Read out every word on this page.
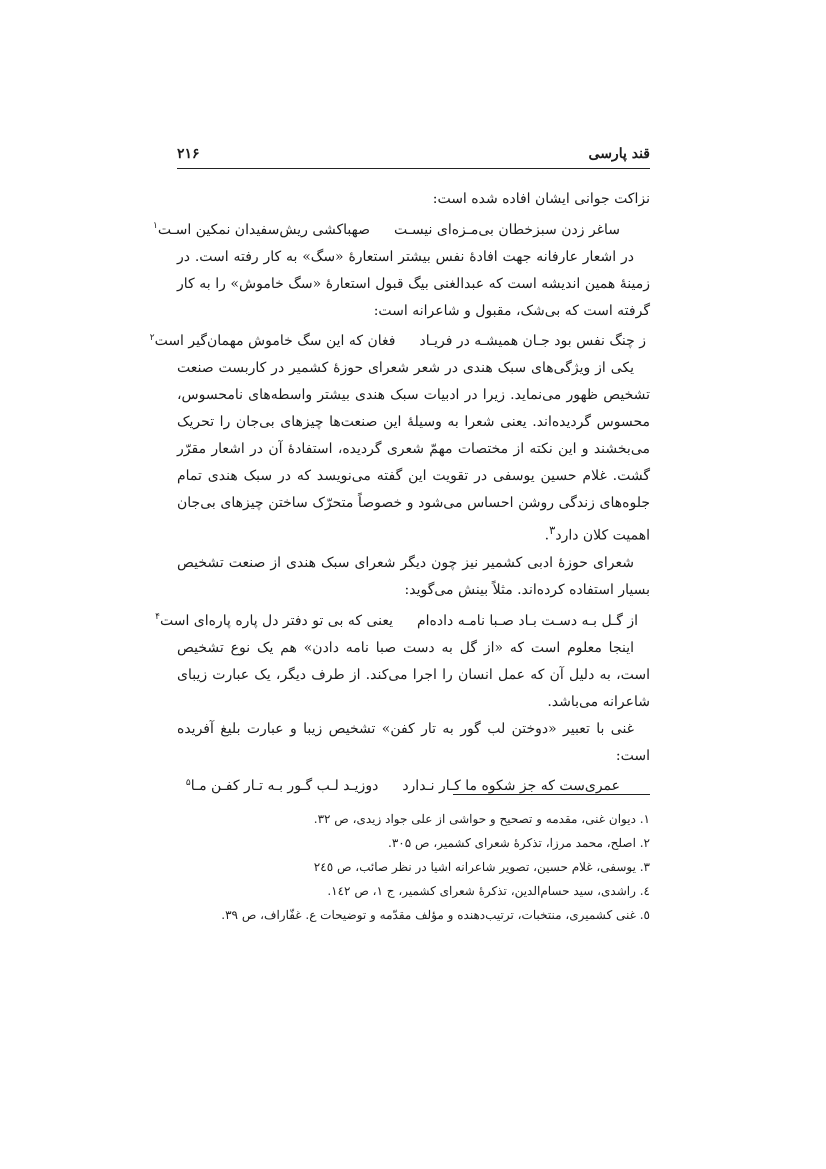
قند پارسی
۲۱۶

نزاکت جوانی ایشان افاده شده است:

ساغر زدن سبزخطان بی‌مـزه‌ای نیسـتصهباکشی ریش‌سفیدان نمکین اسـت$^۱$

در اشعار عارفانه جهت افادهٔ نفس بیشتر استعارهٔ «سگ» به کار رفته است. در زمینهٔ همین اندیشه است که عبدالغنی بیگ قبول استعارهٔ «سگ خاموش» را به کار گرفته است که بی‌شک، مقبول و شاعرانه است:

ز چنگ نفس بود جـان همیشـه در فریـادفغان که این سگ خاموش مهمان‌گیر است$^۲$

یکی از ویژگی‌های سبک هندی در شعر شعرای حوزهٔ کشمیر در کاربست صنعت تشخیص ظهور می‌نماید. زیرا در ادبیات سبک هندی بیشتر واسطه‌های نامحسوس، محسوس گردیده‌اند. یعنی شعرا به وسیلهٔ این صنعت‌ها چیزهای بی‌جان را تحریک می‌بخشند و این نکته از مختصات مهمّ شعری گردیده، استفادهٔ آن در اشعار مقرّر گشت. غلام حسین یوسفی در تقویت این گفته می‌نویسد که در سبک هندی تمام جلوه‌های زندگی روشن احساس می‌شود و خصوصاً متحرّک ساختن چیزهای بی‌جان اهمیت کلان دارد$^۳$.

شعرای حوزهٔ ادبی کشمیر نیز چون دیگر شعرای سبک هندی از صنعت تشخیص بسیار استفاده کرده‌اند. مثلاً بینش می‌گوید:

از گـل بـه دسـت بـاد صـبا نامـه داده‌امیعنی که بی تو دفتر دل پاره پاره‌ای است$^۴$

اینجا معلوم است که «از گل به دست صبا نامه دادن» هم یک نوع تشخیص است، به دلیل آن که عمل انسان را اجرا می‌کند. از طرف دیگر، یک عبارت زیبای شاعرانه می‌باشد.

غنی با تعبیر «دوختن لب گور به تار کفن» تشخیص زیبا و عبارت بلیغ آفریده است:

عمری‌ست که جز شکوه ما کـار نـدارددوزیـد لـب گـور بـه تـار کفـن مـا$^۵$

۱. دیوان غنی، مقدمه و تصحیح و حواشی از علی جواد زیدی، ص ۳۲.

۲. اصلح، محمد مرزا، تذکرهٔ شعرای کشمیر، ص ۳۰۵.

۳. یوسفی، غلام حسین، تصویر شاعرانه اشیا در نظر صائب، ص ۲٤٥

٤. راشدی، سید حسام‌الدین، تذکرهٔ شعرای کشمیر، ج ۱، ص ۱٤۲.

٥. غنی کشمیری، منتخبات، ترتیب‌دهنده و مؤلف مقدّمه و توضیحات ع. غفّاراف، ص ۳۹.
